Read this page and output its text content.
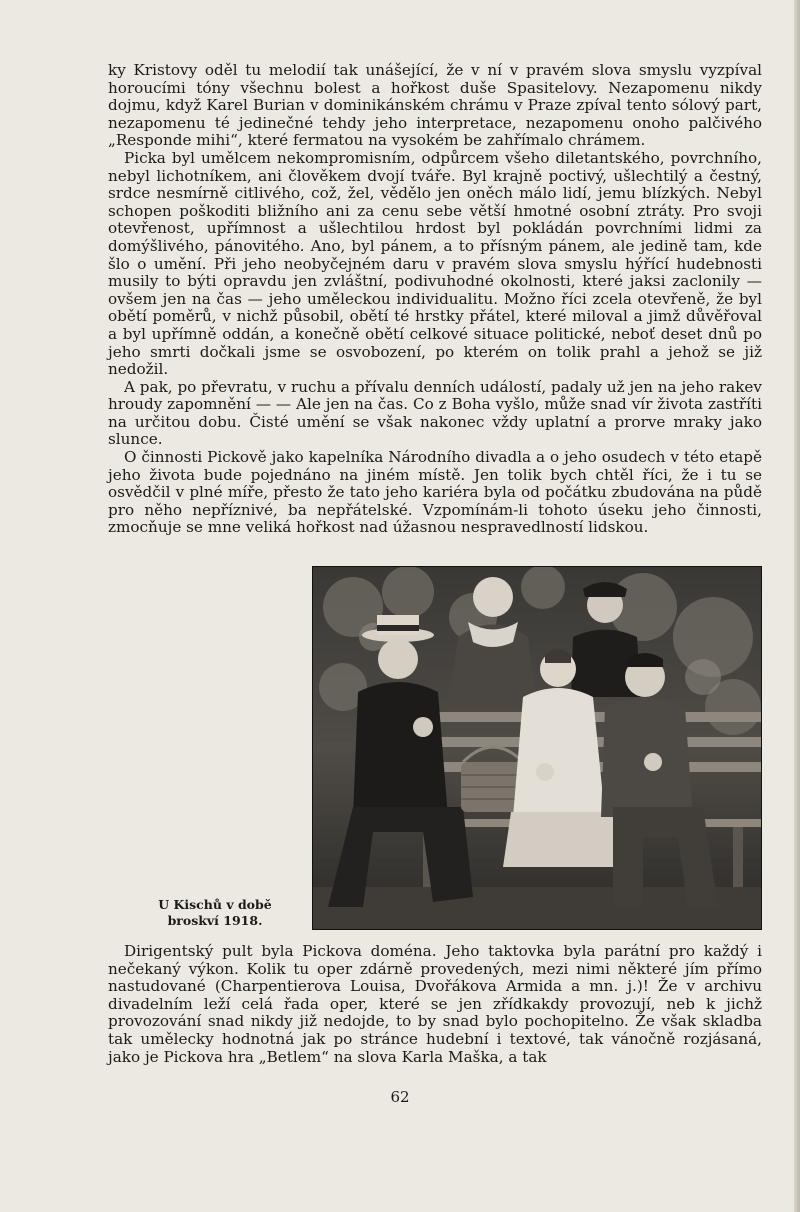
ky Kristovy oděl tu melodií tak unášející, že v ní v pravém slova smyslu vyzpíval horoucími tóny všechnu bolest a hořkost duše Spasitelovy. Nezapomenu nikdy dojmu, když Karel Burian v dominikánském chrámu v Praze zpíval tento sólový part, nezapomenu té jedinečné tehdy jeho interpretace, nezapomenu onoho palčivého „Responde mihi“, které fermatou na vysokém be zahřímalo chrámem.

Picka byl umělcem nekompromisním, odpůrcem všeho diletantského, povrchního, nebyl lichotníkem, ani člověkem dvojí tváře. Byl krajně poctivý, ušlechtilý a čestný, srdce nesmírně citlivého, což, žel, vědělo jen oněch málo lidí, jemu blízkých. Nebyl schopen poškoditi bližního ani za cenu sebe větší hmotné osobní ztráty. Pro svoji otevřenost, upřímnost a ušlechtilou hrdost byl pokládán povrchními lidmi za domýšlivého, pánovitého. Ano, byl pánem, a to přísným pánem, ale jedině tam, kde šlo o umění. Při jeho neobyčejném daru v pravém slova smyslu hýřící hudebnosti musily to býti opravdu jen zvláštní, podivuhodné okolnosti, které jaksi zaclonily — ovšem jen na čas — jeho uměleckou individualitu. Možno říci zcela otevřeně, že byl obětí poměrů, v nichž působil, obětí té hrstky přátel, které miloval a jimž důvěřoval a byl upřímně oddán, a konečně obětí celkové situace politické, neboť deset dnů po jeho smrti dočkali jsme se osvobození, po kterém on tolik prahl a jehož se již nedožil.

A pak, po převratu, v ruchu a přívalu denních událostí, padaly už jen na jeho rakev hroudy zapomnění — — Ale jen na čas. Co z Boha vyšlo, může snad vír života zastříti na určitou dobu. Čisté umění se však nakonec vždy uplatní a prorve mraky jako slunce.

O činnosti Pickově jako kapelníka Národního divadla a o jeho osudech v této etapě jeho života bude pojednáno na jiném místě. Jen tolik bych chtěl říci, že i tu se osvědčil v plné míře, přesto že tato jeho kariéra byla od počátku zbudována na půdě pro něho nepříznivé, ba nepřátelské. Vzpomínám-li tohoto úseku jeho činnosti, zmocňuje se mne veliká hořkost nad úžasnou nespravedlností lidskou.

U Kischů v době broskví 1918.

Dirigentský pult byla Pickova doména. Jeho taktovka byla parátní pro každý i nečekaný výkon. Kolik tu oper zdárně provedených, mezi nimi některé jím přímo nastudované (Charpentierova Louisa, Dvořákova Armida a mn. j.)! Že v archivu divadelním leží celá řada oper, které se jen zřídkakdy provozují, neb k jichž provozování snad nikdy již nedojde, to by snad bylo pochopitelno. Že však skladba tak umělecky hodnotná jak po stránce hudební i textové, tak vánočně rozjásaná, jako je Pickova hra „Betlem“ na slova Karla Maška, a tak

62
